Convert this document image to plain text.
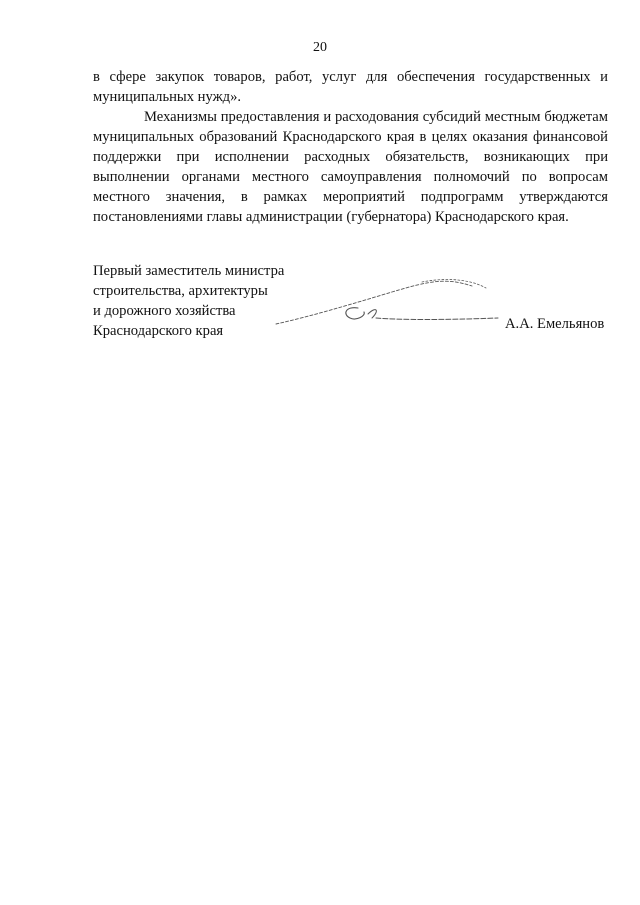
20

в сфере закупок товаров, работ, услуг для обеспечения государственных и муниципальных нужд».

Механизмы предоставления и расходования субсидий местным бюджетам муниципальных образований Краснодарского края в целях оказания финансовой поддержки при исполнении расходных обязательств, возникающих при выполнении органами местного самоуправления полномочий по вопросам местного значения, в рамках мероприятий подпрограмм утверждаются постановлениями главы администрации (губернатора) Краснодарского края.

Первый заместитель министра
строительства, архитектуры
и дорожного хозяйства
Краснодарского края	А.А. Емельянов
